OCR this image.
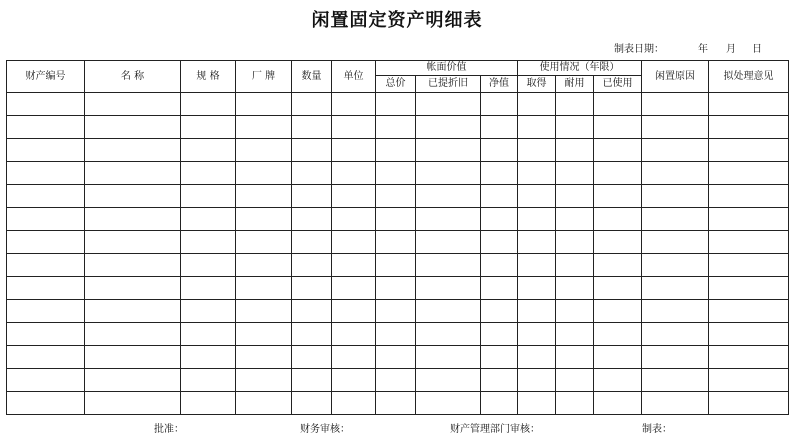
闲置固定资产明细表
制表日期：	年 月 日
财产编号	名 称	规 格	厂 牌	数量	单位	帐面价值			使用情况（年限）			闲置原因	拟处理意见
						总价	已提折旧	净值	取得	耐用	已使用		

批准：	财务审核：	财产管理部门审核：	制表：
